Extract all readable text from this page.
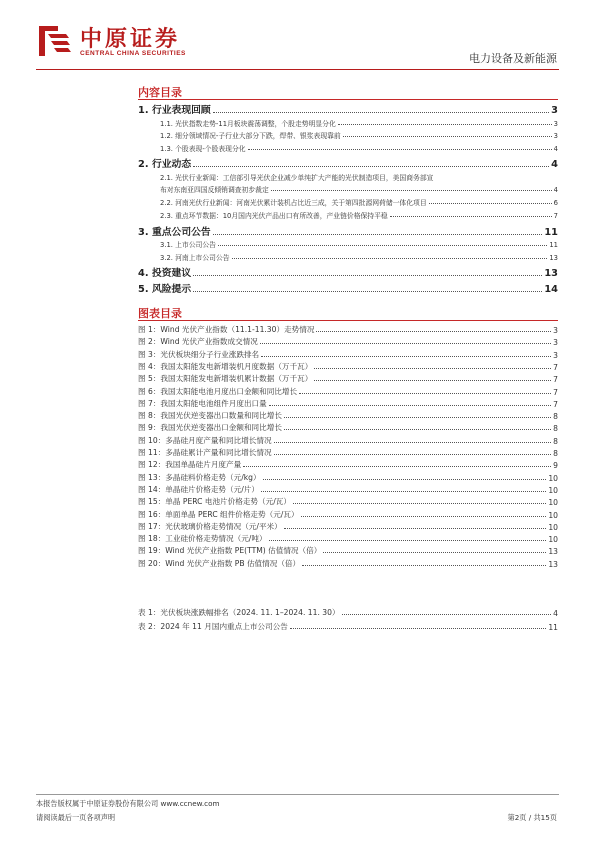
中原证券
CENTRAL CHINA SECURITIES	电力设备及新能源
内容目录
1. 行业表现回顾	3
1.1. 光伏指数走势-11月板块震荡调整，个股走势明显分化	3
1.2. 细分领域情况-子行业大部分下跌，焊带、银浆表现靠前	3
1.3. 个股表现-个股表现分化	4
2. 行业动态	4
2.1. 光伏行业新闻：工信部引导光伏企业减少单纯扩大产能的光伏制造项目，美国商务部宣
布对东南亚四国反倾销调查初步裁定	4
2.2. 河南光伏行业新闻：河南光伏累计装机占比近三成，关于第四批源网荷储一体化项目	6
2.3. 重点环节数据：10月国内光伏产品出口有所改善，产业链价格保持平稳	7
3. 重点公司公告	11
3.1. 上市公司公告	11
3.2. 河南上市公司公告	13
4. 投资建议	13
5. 风险提示	14
图表目录
图 1：Wind 光伏产业指数（11.1-11.30）走势情况	3
图 2：Wind 光伏产业指数成交情况	3
图 3：光伏板块细分子行业涨跌排名	3
图 4：我国太阳能发电新增装机月度数据（万千瓦）	7
图 5：我国太阳能发电新增装机累计数据（万千瓦）	7
图 6：我国太阳能电池月度出口金额和同比增长	7
图 7：我国太阳能电池组件月度出口量	7
图 8：我国光伏逆变器出口数量和同比增长	8
图 9：我国光伏逆变器出口金额和同比增长	8
图 10：多晶硅月度产量和同比增长情况	8
图 11：多晶硅累计产量和同比增长情况	8
图 12：我国单晶硅片月度产量	9
图 13：多晶硅料价格走势（元/kg）	10
图 14：单晶硅片价格走势（元/片）	10
图 15：单晶 PERC 电池片价格走势（元/瓦）	10
图 16：单面单晶 PERC 组件价格走势（元/瓦）	10
图 17：光伏玻璃价格走势情况（元/平米）	10
图 18：工业硅价格走势情况（元/吨）	10
图 19：Wind 光伏产业指数 PE(TTM) 估值情况（倍）	13
图 20：Wind 光伏产业指数 PB 估值情况（倍）	13
表 1：光伏板块涨跌幅排名（2024. 11. 1–2024. 11. 30）	4
表 2：2024 年 11 月国内重点上市公司公告	11
本报告版权属于中原证券股份有限公司 www.ccnew.com
请阅读最后一页各项声明	第2页 / 共15页
